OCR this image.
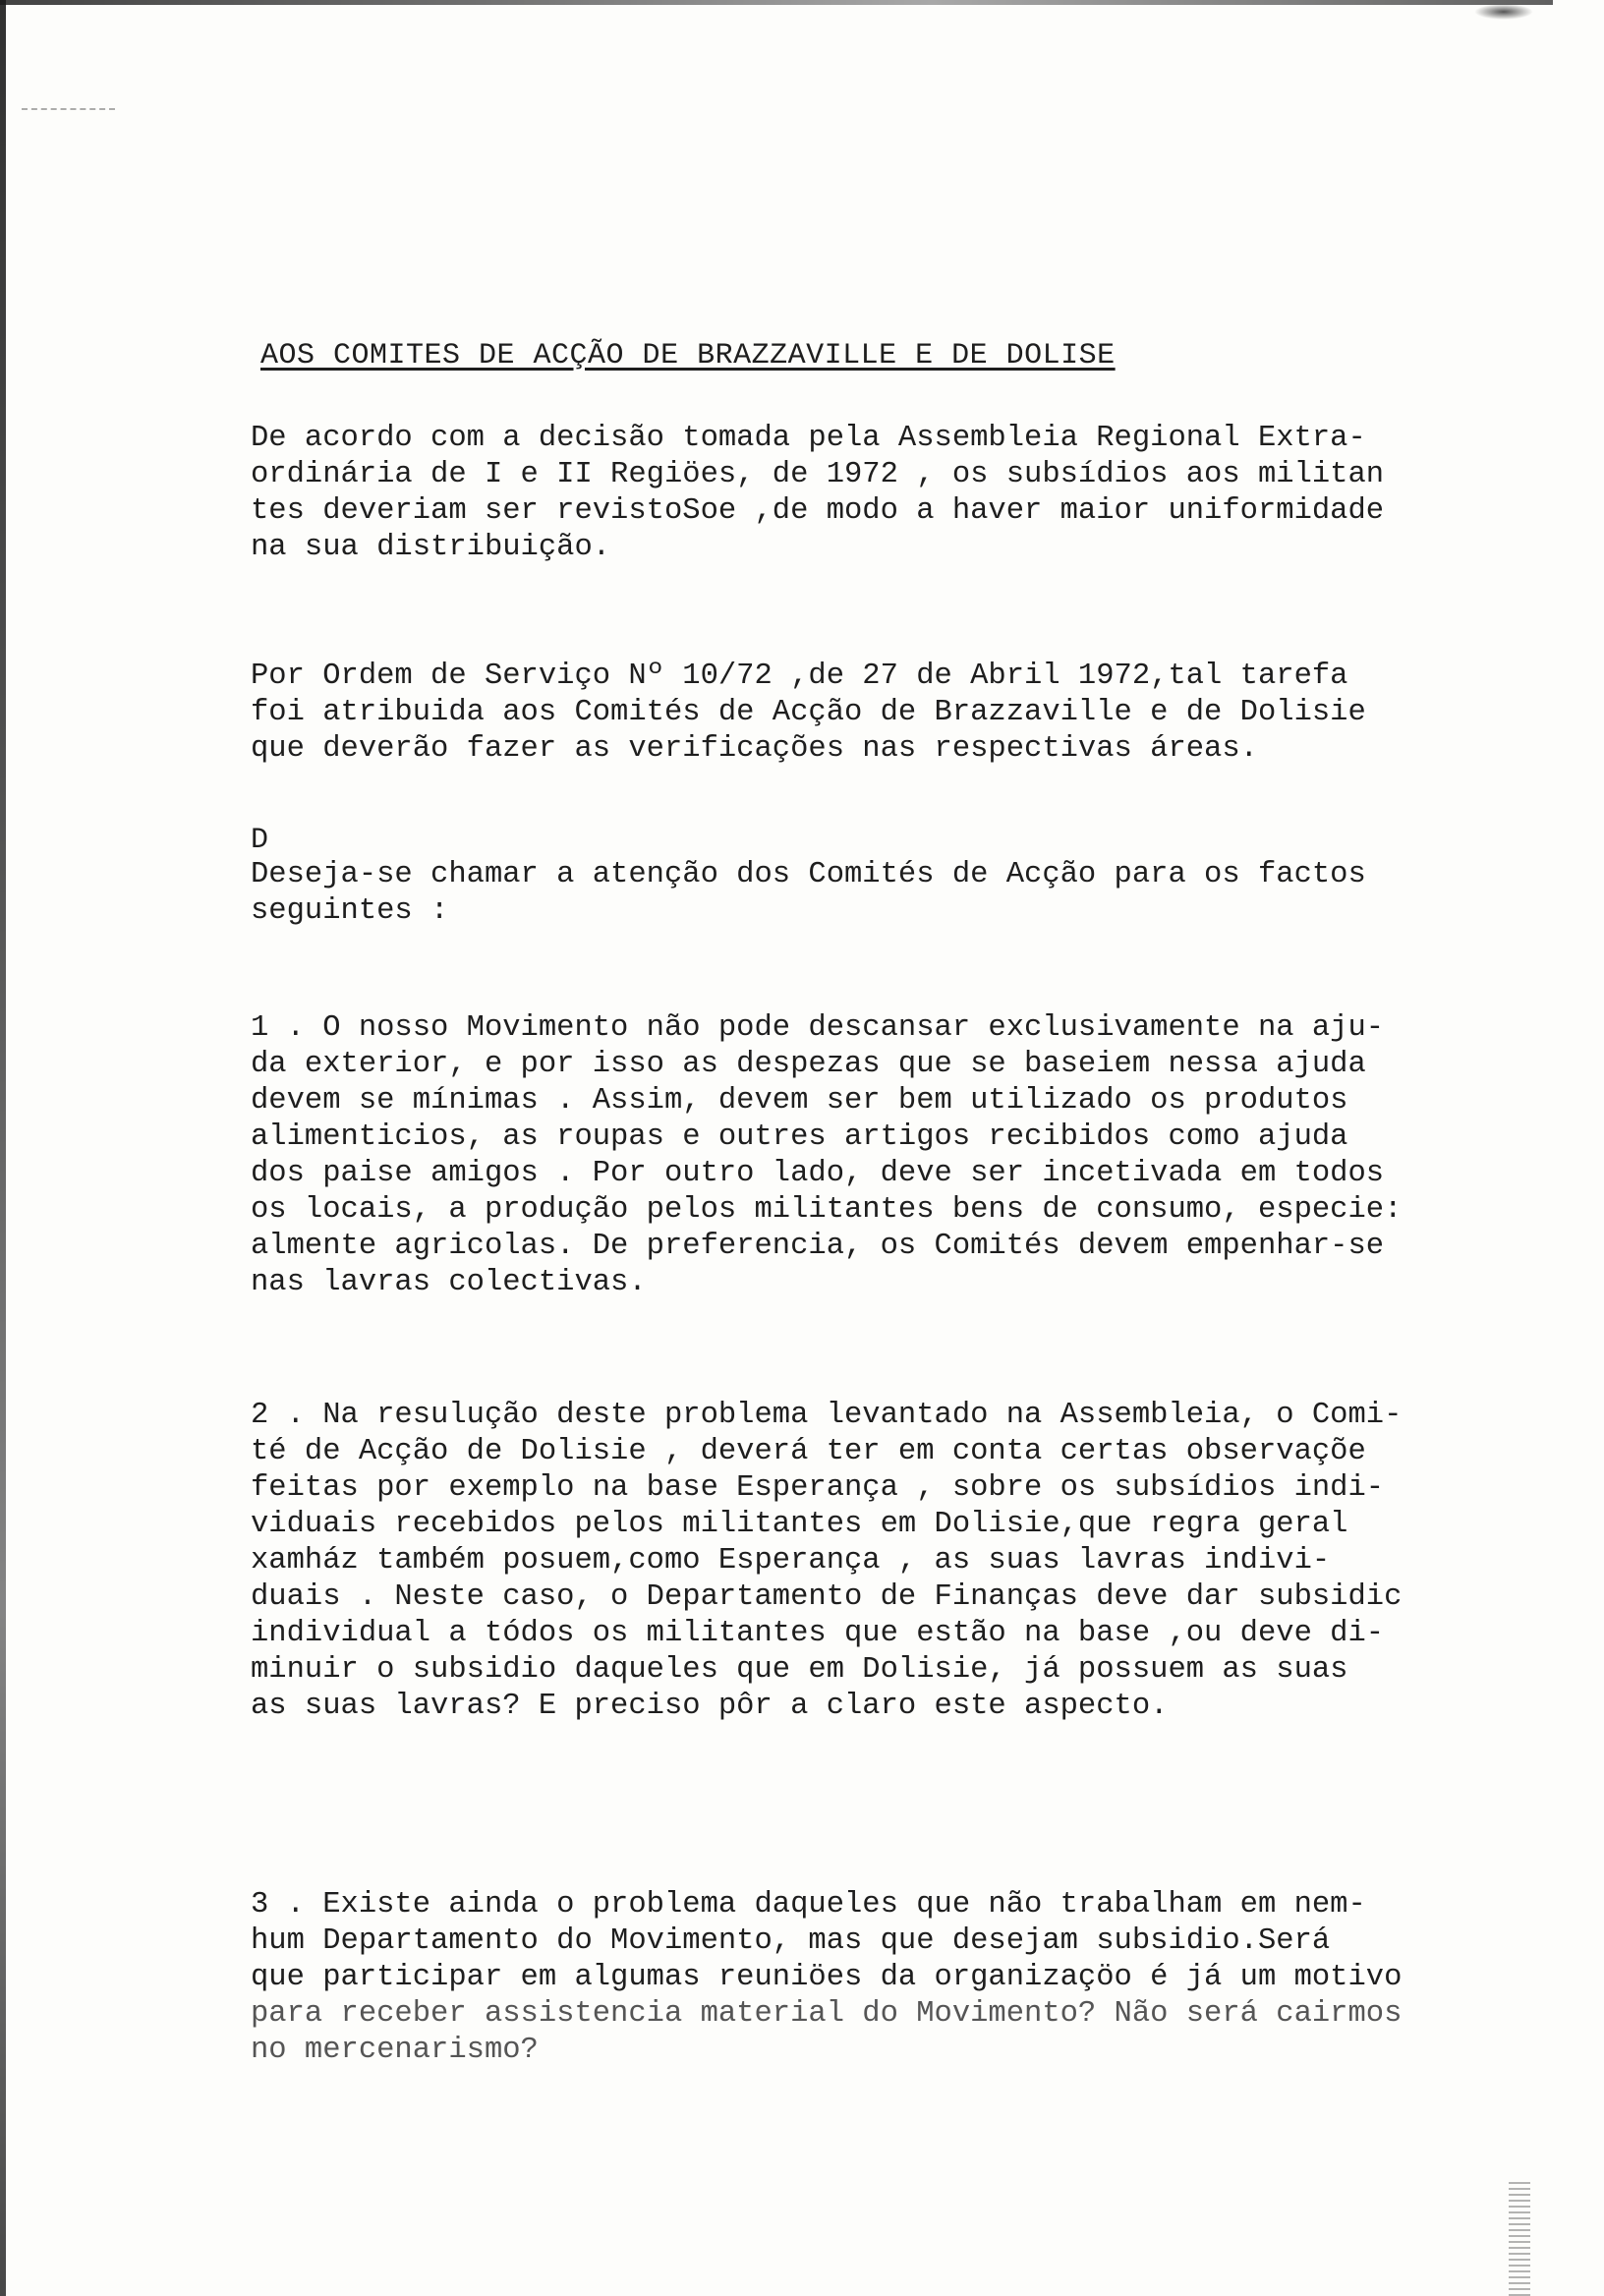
AOS COMITES DE ACÇÃO DE BRAZZAVILLE E DE DOLISE

De acordo com a decisão tomada pela Assembleia Regional Extra-
ordinária de I e II Regiöes, de 1972 , os subsídios aos militan
tes deveriam ser revistoSoe ,de modo a haver maior uniformidade
na sua distribuição.

Por Ordem de Serviço Nº 10/72 ,de 27 de Abril 1972,tal tarefa
foi atribuida aos Comités de Acção de Brazzaville e de Dolisie
que deverão fazer as verificações nas respectivas áreas.

D

Deseja-se chamar a atenção dos Comités de Acção para os factos
seguintes :

1 . O nosso Movimento não pode descansar exclusivamente na aju-
da exterior, e por isso as despezas que se baseiem nessa ajuda
devem se mínimas . Assim, devem ser bem utilizado os produtos
alimenticios, as roupas e outres artigos recibidos como ajuda
dos paise amigos . Por outro lado, deve ser incetivada em todos
os locais, a produção pelos militantes bens de consumo, especie:
almente agricolas. De preferencia, os Comités devem empenhar-se
nas lavras colectivas.

2 . Na resulução deste problema levantado na Assembleia, o Comi-
té de Acção de Dolisie , deverá ter em conta certas observaçõe
feitas por exemplo na base Esperança , sobre os subsídios indi-
viduais recebidos pelos militantes em Dolisie,que regra geral
xamház também posuem,como Esperança , as suas lavras indivi-
duais . Neste caso, o Departamento de Finanças deve dar subsidic
individual a tódos os militantes que estão na base ,ou deve di-
minuir o subsidio daqueles que em Dolisie, já possuem as suas
as suas lavras? E preciso pôr a claro este aspecto.

3 . Existe ainda o problema daqueles que não trabalham em nem-
hum Departamento do Movimento, mas que desejam subsidio.Será
que participar em algumas reuniöes da organizaçöo é já um motivo
para receber assistencia material do Movimento? Não será cairmos
no mercenarismo?
